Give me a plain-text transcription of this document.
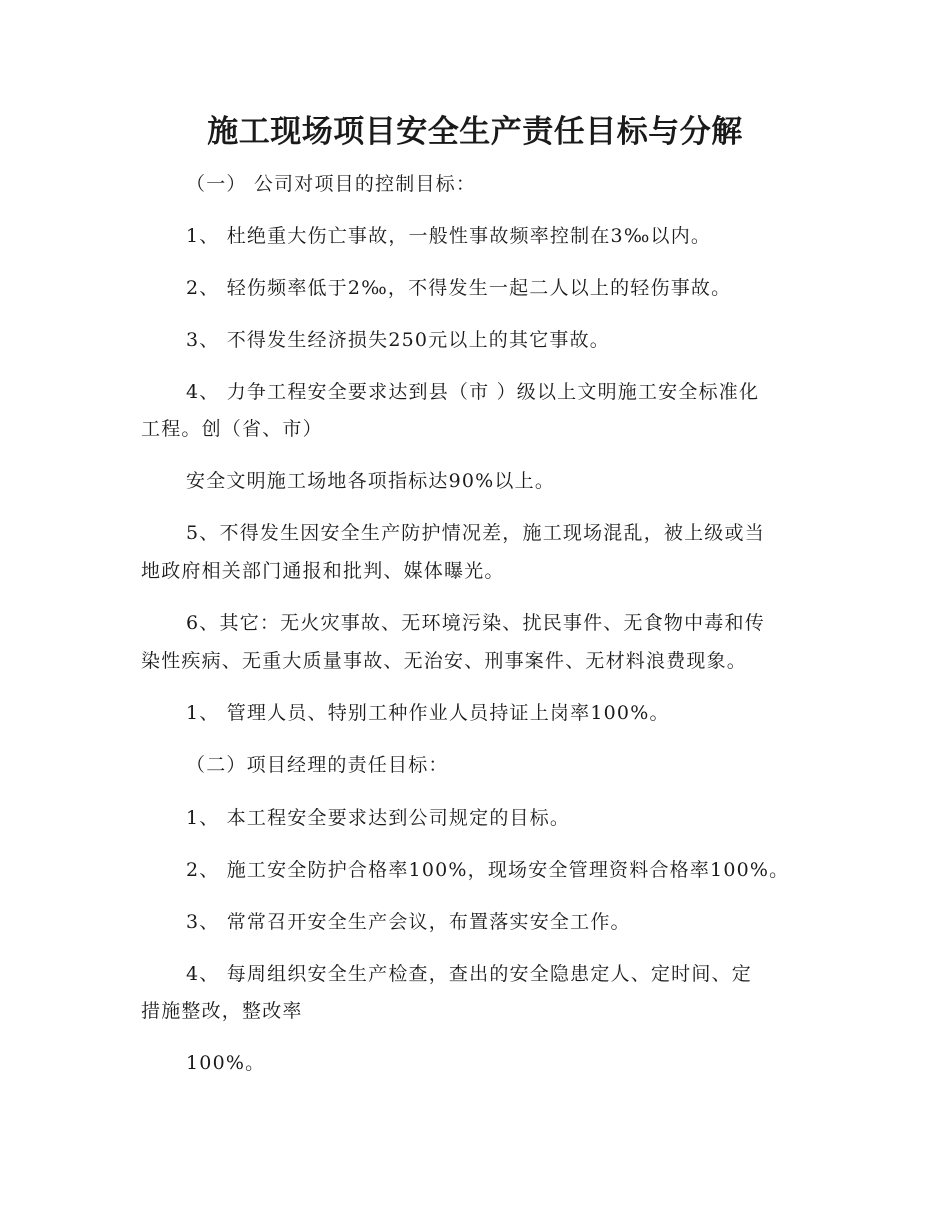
施工现场项目安全生产责任目标与分解
（一） 公司对项目的控制目标：
1、 杜绝重大伤亡事故，一般性事故频率控制在3‰以内。
2、 轻伤频率低于2‰，不得发生一起二人以上的轻伤事故。
3、 不得发生经济损失250元以上的其它事故。
4、 力争工程安全要求达到县（市 ）级以上文明施工安全标准化
工程。创（省、市）
安全文明施工场地各项指标达90%以上。
5、不得发生因安全生产防护情况差，施工现场混乱，被上级或当
地政府相关部门通报和批判、媒体曝光。
6、其它：无火灾事故、无环境污染、扰民事件、无食物中毒和传
染性疾病、无重大质量事故、无治安、刑事案件、无材料浪费现象。
1、 管理人员、特别工种作业人员持证上岗率100%。
（二）项目经理的责任目标：
1、 本工程安全要求达到公司规定的目标。
2、 施工安全防护合格率100%，现场安全管理资料合格率100%。
3、 常常召开安全生产会议，布置落实安全工作。
4、 每周组织安全生产检查，查出的安全隐患定人、定时间、定
措施整改，整改率
100%。
